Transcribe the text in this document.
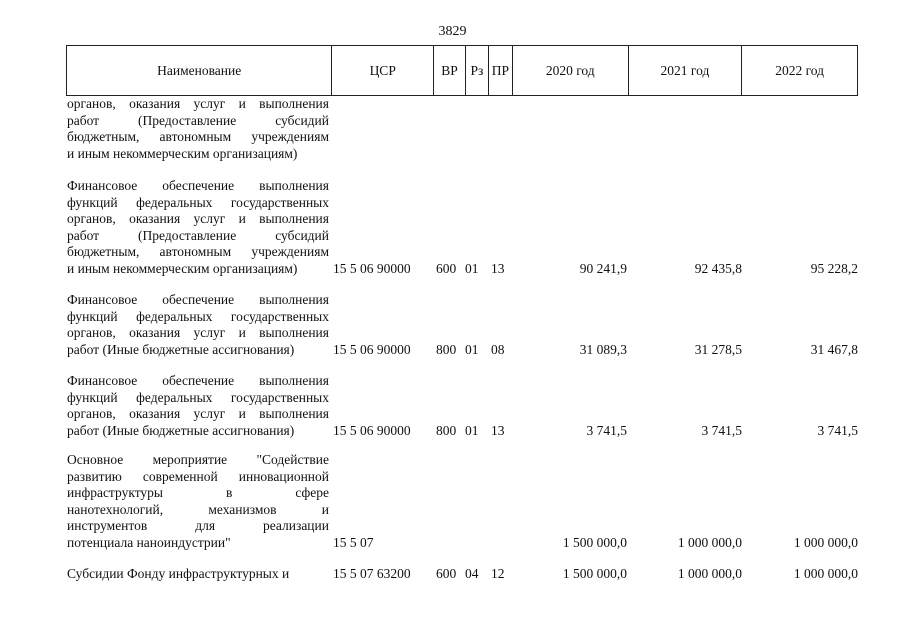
3829
Наименование	ЦСР	ВР Рз ПР	2020 год	2021 год	2022 год
органов, оказания услуг и выполнения
работ (Предоставление субсидий
бюджетным, автономным учреждениям
и иным некоммерческим организациям)
Финансовое обеспечение выполнения
функций федеральных государственных
органов, оказания услуг и выполнения
работ (Предоставление субсидий
бюджетным, автономным учреждениям
и иным некоммерческим организациям)	15 5 06 90000 600 01 13	90 241,9	92 435,8	95 228,2
Финансовое обеспечение выполнения
функций федеральных государственных
органов, оказания услуг и выполнения
работ (Иные бюджетные ассигнования)	15 5 06 90000 800 01 08	31 089,3	31 278,5	31 467,8
Финансовое обеспечение выполнения
функций федеральных государственных
органов, оказания услуг и выполнения
работ (Иные бюджетные ассигнования)	15 5 06 90000 800 01 13	3 741,5	3 741,5	3 741,5
Основное мероприятие "Содействие
развитию современной инновационной
инфраструктуры в сфере
нанотехнологий, механизмов и
инструментов для реализации
потенциала наноиндустрии"	15 5 07	1 500 000,0	1 000 000,0	1 000 000,0
Субсидии Фонду инфраструктурных и	15 5 07 63200 600 04 12	1 500 000,0	1 000 000,0	1 000 000,0
